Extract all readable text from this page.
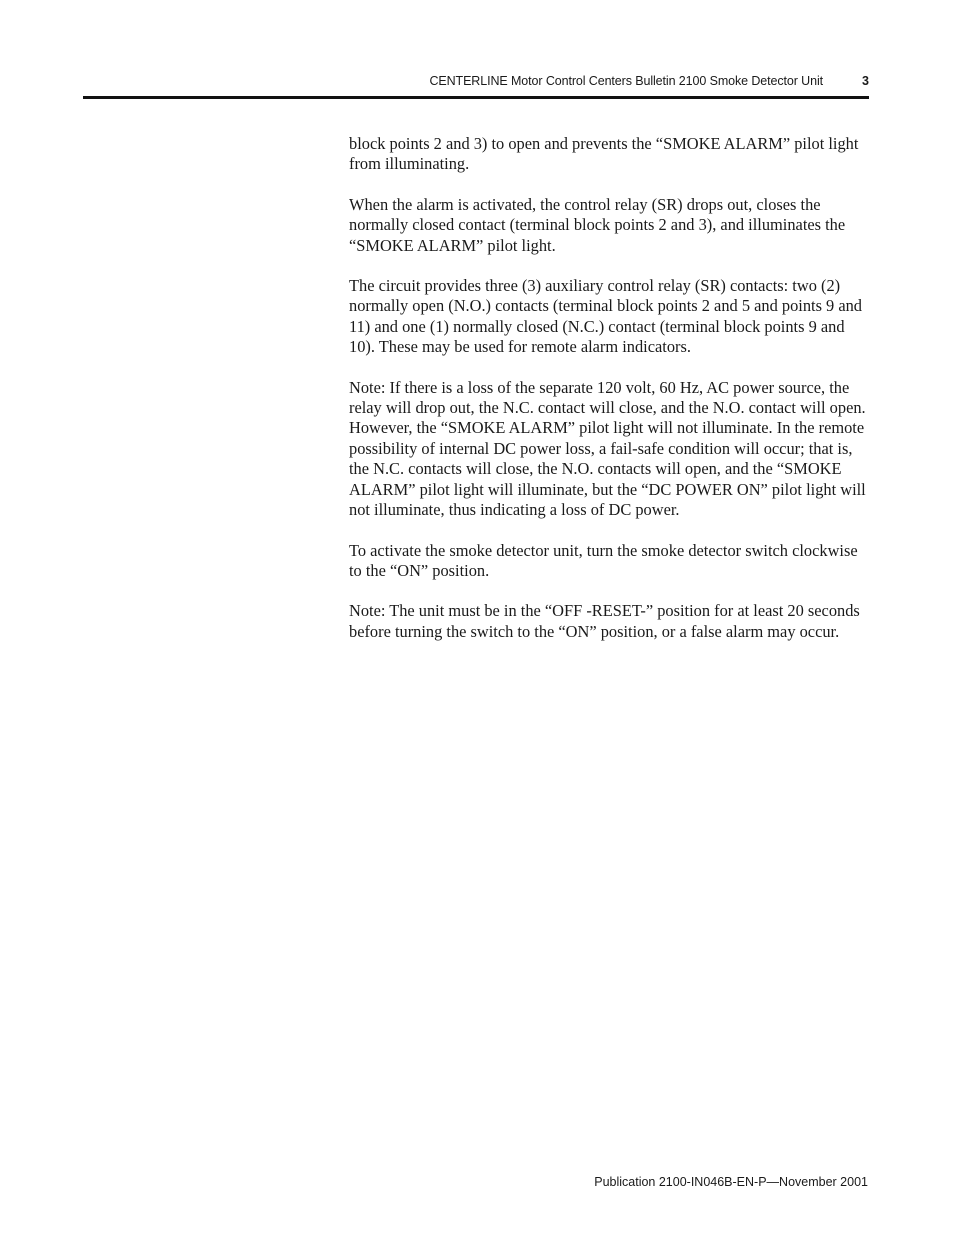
CENTERLINE Motor Control Centers Bulletin 2100 Smoke Detector Unit	3

block points 2 and 3) to open and prevents the “SMOKE ALARM” pilot light from illuminating.

When the alarm is activated, the control relay (SR) drops out, closes the normally closed contact (terminal block points 2 and 3), and illuminates the “SMOKE ALARM” pilot light.

The circuit provides three (3) auxiliary control relay (SR) contacts: two (2) normally open (N.O.) contacts (terminal block points 2 and 5 and points 9 and 11) and one (1) normally closed (N.C.) contact (terminal block points 9 and 10). These may be used for remote alarm indicators.

Note: If there is a loss of the separate 120 volt, 60 Hz, AC power source, the relay will drop out, the N.C. contact will close, and the N.O. contact will open. However, the “SMOKE ALARM” pilot light will not illuminate. In the remote possibility of internal DC power loss, a fail-safe condition will occur; that is, the N.C. contacts will close, the N.O. contacts will open, and the “SMOKE ALARM” pilot light will illuminate, but the “DC POWER ON” pilot light will not illuminate, thus indicating a loss of DC power.

To activate the smoke detector unit, turn the smoke detector switch clockwise to the “ON” position.

Note: The unit must be in the “OFF -RESET-” position for at least 20 seconds before turning the switch to the “ON” position, or a false alarm may occur.

Publication 2100-IN046B-EN-P—November 2001
